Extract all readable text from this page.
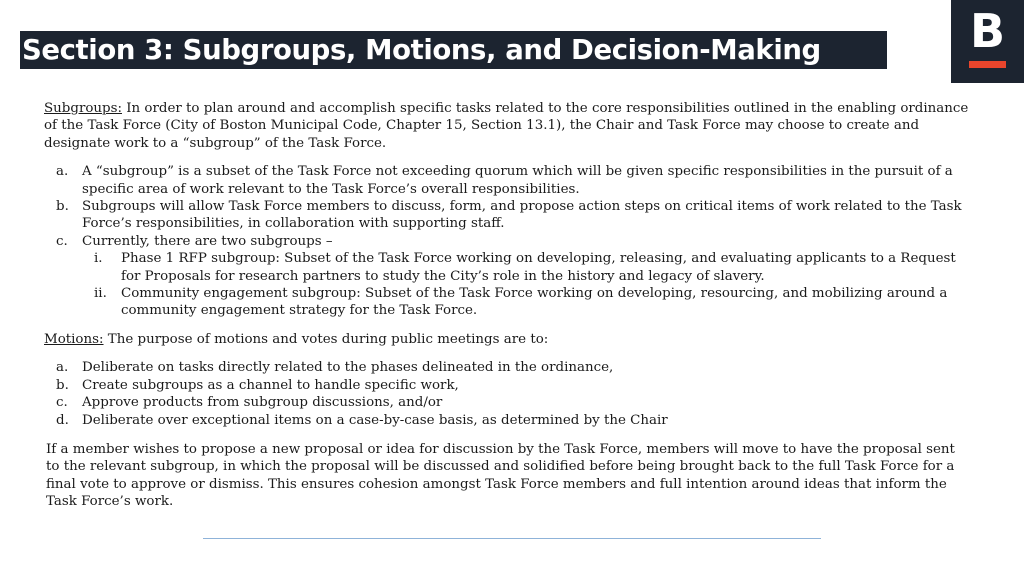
Section 3: Subgroups, Motions, and Decision-Making	B

Subgroups: In order to plan around and accomplish specific tasks related to the core responsibilities outlined in the enabling ordinance of the Task Force (City of Boston Municipal Code, Chapter 15, Section 13.1), the Chair and Task Force may choose to create and designate work to a “subgroup” of the Task Force.

a. A “subgroup” is a subset of the Task Force not exceeding quorum which will be given specific responsibilities in the pursuit of a specific area of work relevant to the Task Force’s overall responsibilities.
b. Subgroups will allow Task Force members to discuss, form, and propose action steps on critical items of work related to the Task Force’s responsibilities, in collaboration with supporting staff.
c. Currently, there are two subgroups –
i. Phase 1 RFP subgroup: Subset of the Task Force working on developing, releasing, and evaluating applicants to a Request for Proposals for research partners to study the City’s role in the history and legacy of slavery.
ii. Community engagement subgroup: Subset of the Task Force working on developing, resourcing, and mobilizing around a community engagement strategy for the Task Force.

Motions: The purpose of motions and votes during public meetings are to:

a. Deliberate on tasks directly related to the phases delineated in the ordinance,
b. Create subgroups as a channel to handle specific work,
c. Approve products from subgroup discussions, and/or
d. Deliberate over exceptional items on a case-by-case basis, as determined by the Chair

If a member wishes to propose a new proposal or idea for discussion by the Task Force, members will move to have the proposal sent to the relevant subgroup, in which the proposal will be discussed and solidified before being brought back to the full Task Force for a final vote to approve or dismiss. This ensures cohesion amongst Task Force members and full intention around ideas that inform the Task Force’s work.
